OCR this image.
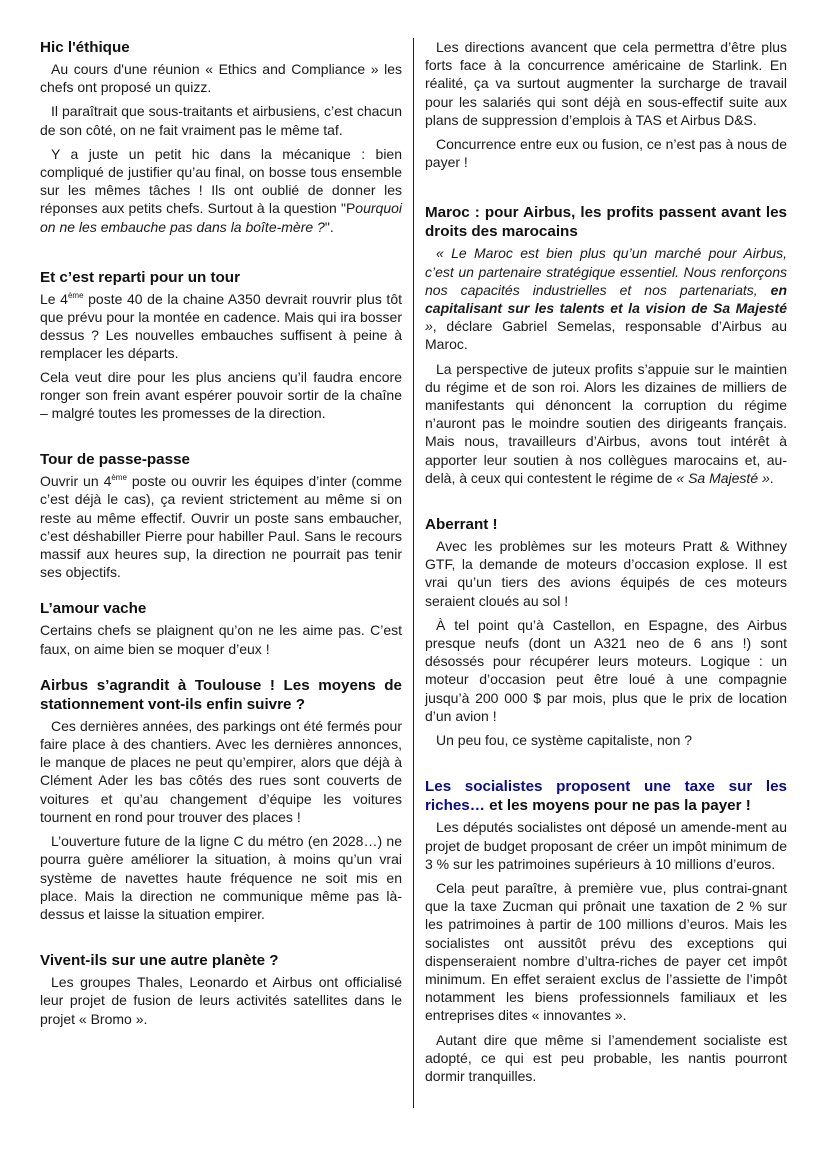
Hic l'éthique

Au cours d'une réunion « Ethics and Compliance » les chefs ont proposé un quizz.

Il paraîtrait que sous-traitants et airbusiens, c’est chacun de son côté, on ne fait vraiment pas le même taf.

Y a juste un petit hic dans la mécanique : bien compliqué de justifier qu’au final, on bosse tous ensemble sur les mêmes tâches ! Ils ont oublié de donner les réponses aux petits chefs. Surtout à la question "Pourquoi on ne les embauche pas dans la boîte-mère ?".

Et c’est reparti pour un tour

Le 4ème poste 40 de la chaine A350 devrait rouvrir plus tôt que prévu pour la montée en cadence. Mais qui ira bosser dessus ? Les nouvelles embauches suffisent à peine à remplacer les départs.

Cela veut dire pour les plus anciens qu’il faudra encore ronger son frein avant espérer pouvoir sortir de la chaîne – malgré toutes les promesses de la direction.

Tour de passe-passe

Ouvrir un 4ème poste ou ouvrir les équipes d’inter (comme c’est déjà le cas), ça revient strictement au même si on reste au même effectif. Ouvrir un poste sans embaucher, c’est déshabiller Pierre pour habiller Paul. Sans le recours massif aux heures sup, la direction ne pourrait pas tenir ses objectifs.

L’amour vache

Certains chefs se plaignent qu’on ne les aime pas. C’est faux, on aime bien se moquer d’eux !

Airbus s’agrandit à Toulouse ! Les moyens de stationnement vont-ils enfin suivre ?

Ces dernières années, des parkings ont été fermés pour faire place à des chantiers. Avec les dernières annonces, le manque de places ne peut qu’empirer, alors que déjà à Clément Ader les bas côtés des rues sont couverts de voitures et qu’au changement d’équipe les voitures tournent en rond pour trouver des places !

L’ouverture future de la ligne C du métro (en 2028…) ne pourra guère améliorer la situation, à moins qu’un vrai système de navettes haute fréquence ne soit mis en place. Mais la direction ne communique même pas là-dessus et laisse la situation empirer.

Vivent-ils sur une autre planète ?

Les groupes Thales, Leonardo et Airbus ont officialisé leur projet de fusion de leurs activités satellites dans le projet « Bromo ».

Les directions avancent que cela permettra d’être plus forts face à la concurrence américaine de Starlink. En réalité, ça va surtout augmenter la surcharge de travail pour les salariés qui sont déjà en sous-effectif suite aux plans de suppression d’emplois à TAS et Airbus D&S.

Concurrence entre eux ou fusion, ce n’est pas à nous de payer !

Maroc : pour Airbus, les profits passent avant les droits des marocains

« Le Maroc est bien plus qu’un marché pour Airbus, c’est un partenaire stratégique essentiel. Nous renforçons nos capacités industrielles et nos partenariats, en capitalisant sur les talents et la vision de Sa Majesté », déclare Gabriel Semelas, responsable d’Airbus au Maroc.

La perspective de juteux profits s’appuie sur le maintien du régime et de son roi. Alors les dizaines de milliers de manifestants qui dénoncent la corruption du régime n’auront pas le moindre soutien des dirigeants français. Mais nous, travailleurs d’Airbus, avons tout intérêt à apporter leur soutien à nos collègues marocains et, au-delà, à ceux qui contestent le régime de « Sa Majesté ».

Aberrant !

Avec les problèmes sur les moteurs Pratt & Withney GTF, la demande de moteurs d’occasion explose. Il est vrai qu’un tiers des avions équipés de ces moteurs seraient cloués au sol !

À tel point qu’à Castellon, en Espagne, des Airbus presque neufs (dont un A321 neo de 6 ans !) sont désossés pour récupérer leurs moteurs. Logique : un moteur d’occasion peut être loué à une compagnie jusqu’à 200 000 $ par mois, plus que le prix de location d’un avion !

Un peu fou, ce système capitaliste, non ?

Les socialistes proposent une taxe sur les riches… et les moyens pour ne pas la payer !

Les députés socialistes ont déposé un amende-ment au projet de budget proposant de créer un impôt minimum de 3 % sur les patrimoines supérieurs à 10 millions d’euros.

Cela peut paraître, à première vue, plus contrai-gnant que la taxe Zucman qui prônait une taxation de 2 % sur les patrimoines à partir de 100 millions d’euros. Mais les socialistes ont aussitôt prévu des exceptions qui dispenseraient nombre d’ultra-riches de payer cet impôt minimum. En effet seraient exclus de l’assiette de l’impôt notamment les biens professionnels familiaux et les entreprises dites « innovantes ».

Autant dire que même si l’amendement socialiste est adopté, ce qui est peu probable, les nantis pourront dormir tranquilles.
